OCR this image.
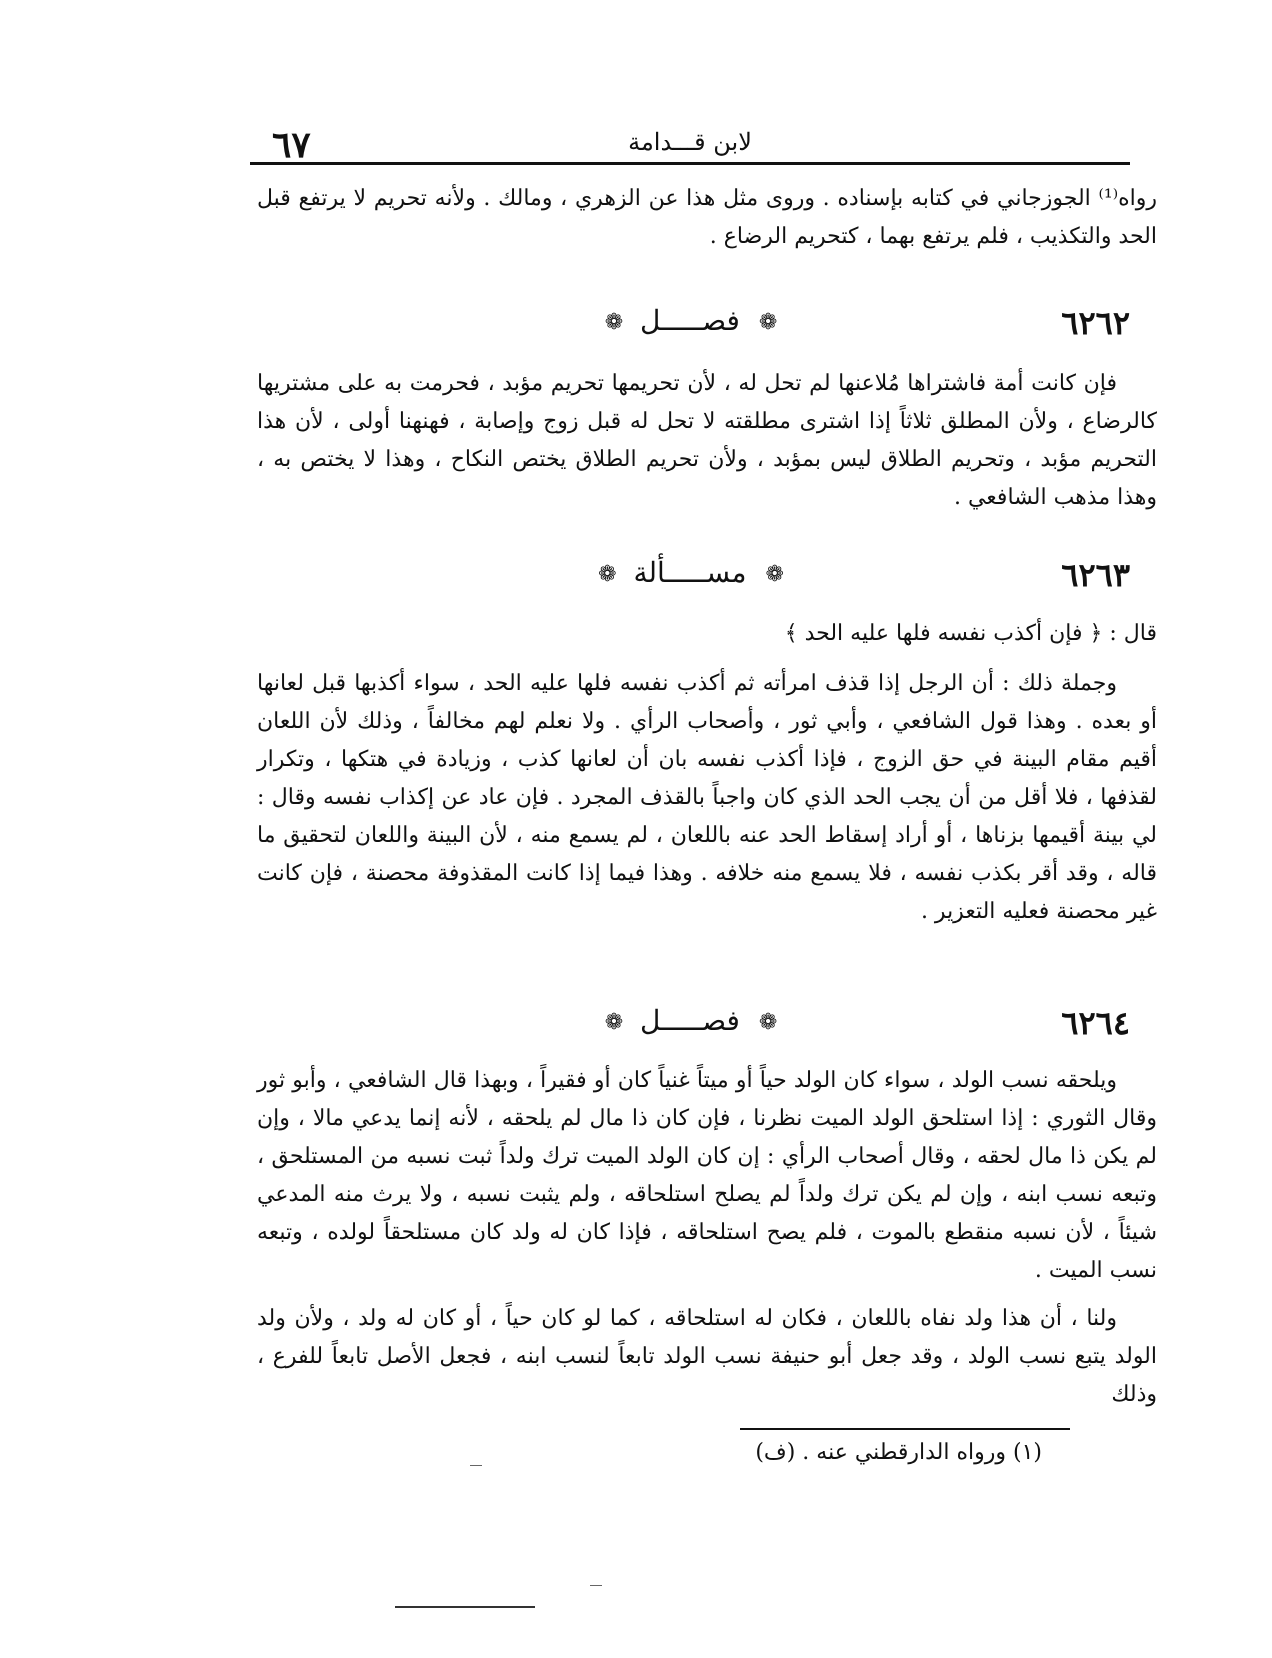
٦٧	لابن قـــدامة
رواه⁽¹⁾ الجوزجاني في كتابه بإسناده . وروى مثل هذا عن الزهري ، ومالك . ولأنه تحريم لا يرتفع قبل الحد والتكذيب ، فلم يرتفع بهما ، كتحريم الرضاع .
٦٢٦٢
❁ فصـــــل ❁
فإن كانت أمة فاشتراها مُلاعنها لم تحل له ، لأن تحريمها تحريم مؤبد ، فحرمت به على مشتريها كالرضاع ، ولأن المطلق ثلاثاً إذا اشترى مطلقته لا تحل له قبل زوج وإصابة ، فهنهنا أولى ، لأن هذا التحريم مؤبد ، وتحريم الطلاق ليس بمؤبد ، ولأن تحريم الطلاق يختص النكاح ، وهذا لا يختص به ، وهذا مذهب الشافعي .
٦٢٦٣
❁ مســـــألة ❁
قال : ﴿ فإن أكذب نفسه فلها عليه الحد ﴾
وجملة ذلك : أن الرجل إذا قذف امرأته ثم أكذب نفسه فلها عليه الحد ، سواء أكذبها قبل لعانها أو بعده . وهذا قول الشافعي ، وأبي ثور ، وأصحاب الرأي . ولا نعلم لهم مخالفاً ، وذلك لأن اللعان أقيم مقام البينة في حق الزوج ، فإذا أكذب نفسه بان أن لعانها كذب ، وزيادة في هتكها ، وتكرار لقذفها ، فلا أقل من أن يجب الحد الذي كان واجباً بالقذف المجرد . فإن عاد عن إكذاب نفسه وقال : لي بينة أقيمها بزناها ، أو أراد إسقاط الحد عنه باللعان ، لم يسمع منه ، لأن البينة واللعان لتحقيق ما قاله ، وقد أقر بكذب نفسه ، فلا يسمع منه خلافه . وهذا فيما إذا كانت المقذوفة محصنة ، فإن كانت غير محصنة فعليه التعزير .
٦٢٦٤
❁ فصـــــل ❁
ويلحقه نسب الولد ، سواء كان الولد حياً أو ميتاً غنياً كان أو فقيراً ، وبهذا قال الشافعي ، وأبو ثور وقال الثوري : إذا استلحق الولد الميت نظرنا ، فإن كان ذا مال لم يلحقه ، لأنه إنما يدعي مالا ، وإن لم يكن ذا مال لحقه ، وقال أصحاب الرأي : إن كان الولد الميت ترك ولداً ثبت نسبه من المستلحق ، وتبعه نسب ابنه ، وإن لم يكن ترك ولداً لم يصلح استلحاقه ، ولم يثبت نسبه ، ولا يرث منه المدعي شيئاً ، لأن نسبه منقطع بالموت ، فلم يصح استلحاقه ، فإذا كان له ولد كان مستلحقاً لولده ، وتبعه نسب الميت .
ولنا ، أن هذا ولد نفاه باللعان ، فكان له استلحاقه ، كما لو كان حياً ، أو كان له ولد ، ولأن ولد الولد يتبع نسب الولد ، وقد جعل أبو حنيفة نسب الولد تابعاً لنسب ابنه ، فجعل الأصل تابعاً للفرع ، وذلك
(١) ورواه الدارقطني عنه . (ف)
